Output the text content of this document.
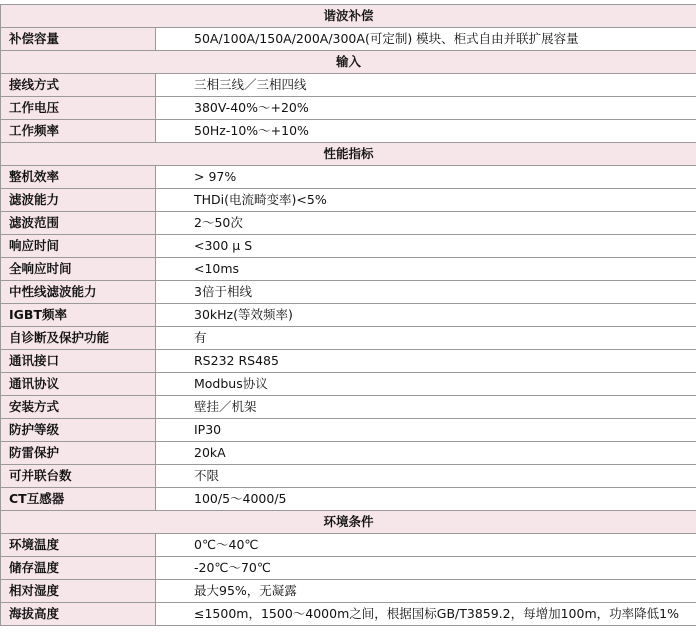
谐波补偿	
补偿容量	50A/100A/150A/200A/300A(可定制) 模块、柜式自由并联扩展容量
输入	
接线方式	三相三线／三相四线
工作电压	380V-40%～+20%
工作频率	50Hz-10%～+10%
性能指标	
整机效率	> 97%
滤波能力	THDi(电流畸变率)<5%
滤波范围	2～50次
响应时间	<300 μ S
全响应时间	<10ms
中性线滤波能力	3倍于相线
IGBT频率	30kHz(等效频率)
自诊断及保护功能	有
通讯接口	RS232 RS485
通讯协议	Modbus协议
安装方式	壁挂／机架
防护等级	IP30
防雷保护	20kA
可并联台数	不限
CT互感器	100/5～4000/5
环境条件	
环境温度	0℃～40℃
储存温度	-20℃～70℃
相对湿度	最大95%，无凝露
海拔高度	≤1500m，1500～4000m之间，根据国标GB/T3859.2，每增加100m，功率降低1%
